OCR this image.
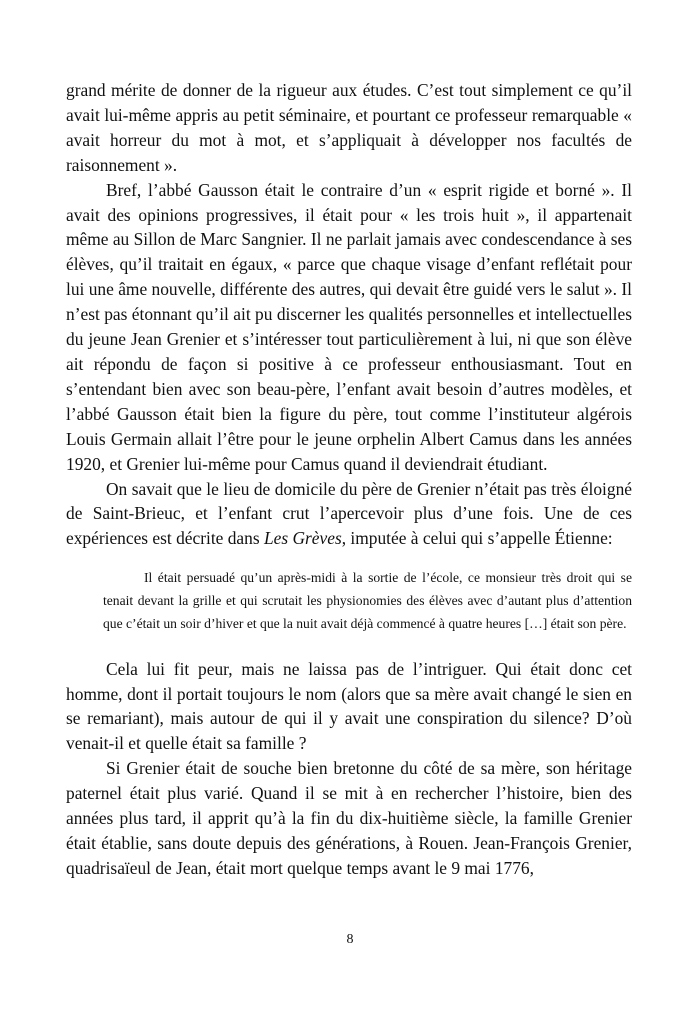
grand mérite de donner de la rigueur aux études. C’est tout simplement ce qu’il avait lui-même appris au petit séminaire, et pourtant ce professeur remarquable « avait horreur du mot à mot, et s’appliquait à développer nos facultés de raisonnement ».

Bref, l’abbé Gausson était le contraire d’un « esprit rigide et borné ». Il avait des opinions progressives, il était pour « les trois huit », il appartenait même au Sillon de Marc Sangnier. Il ne parlait jamais avec condescendance à ses élèves, qu’il traitait en égaux, « parce que chaque visage d’enfant reflétait pour lui une âme nouvelle, différente des autres, qui devait être guidé vers le salut ». Il n’est pas étonnant qu’il ait pu discerner les qualités personnelles et intellectuelles du jeune Jean Grenier et s’intéresser tout particulièrement à lui, ni que son élève ait répondu de façon si positive à ce professeur enthousiasmant. Tout en s’entendant bien avec son beau-père, l’enfant avait besoin d’autres modèles, et l’abbé Gausson était bien la figure du père, tout comme l’instituteur algérois Louis Germain allait l’être pour le jeune orphelin Albert Camus dans les années 1920, et Grenier lui-même pour Camus quand il deviendrait étudiant.

On savait que le lieu de domicile du père de Grenier n’était pas très éloigné de Saint-Brieuc, et l’enfant crut l’apercevoir plus d’une fois. Une de ces expériences est décrite dans Les Grèves, imputée à celui qui s’appelle Étienne:

Il était persuadé qu’un après-midi à la sortie de l’école, ce monsieur très droit qui se tenait devant la grille et qui scrutait les physionomies des élèves avec d’autant plus d’attention que c’était un soir d’hiver et que la nuit avait déjà commencé à quatre heures […] était son père.

Cela lui fit peur, mais ne laissa pas de l’intriguer. Qui était donc cet homme, dont il portait toujours le nom (alors que sa mère avait changé le sien en se remariant), mais autour de qui il y avait une conspiration du silence? D’où venait-il et quelle était sa famille ?

Si Grenier était de souche bien bretonne du côté de sa mère, son héritage paternel était plus varié. Quand il se mit à en rechercher l’histoire, bien des années plus tard, il apprit qu’à la fin du dix-huitième siècle, la famille Grenier était établie, sans doute depuis des générations, à Rouen. Jean-François Grenier, quadrisaïeul de Jean, était mort quelque temps avant le 9 mai 1776,

8
